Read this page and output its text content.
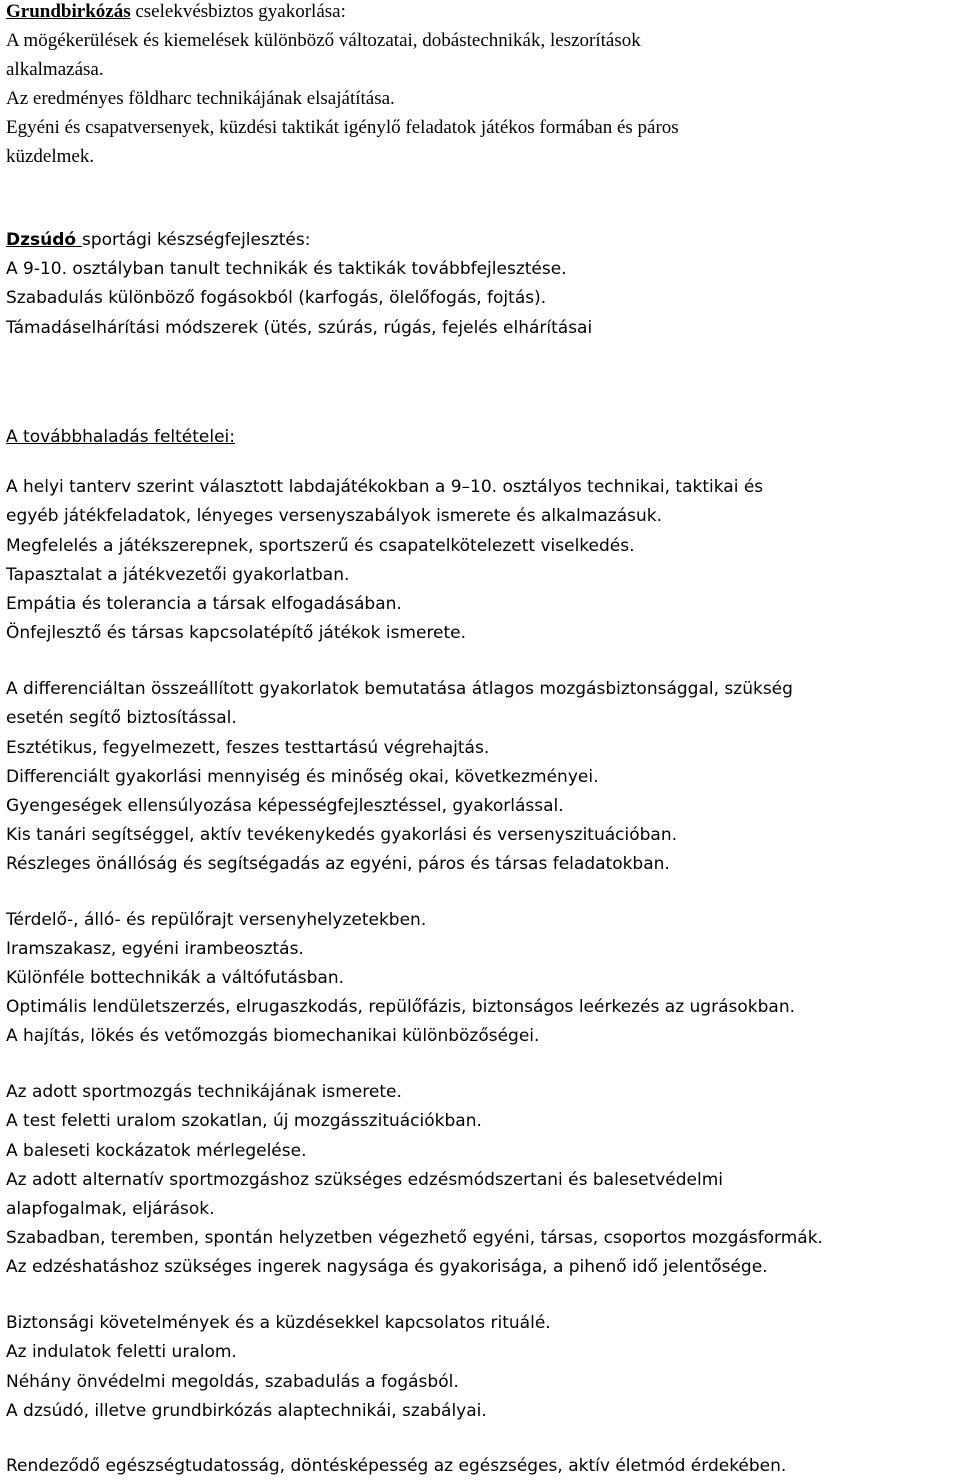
Grundbirkózás cselekvésbiztos gyakorlása:
A mögékerülések és kiemelések különböző változatai, dobástechnikák, leszorítások
alkalmazása.
Az eredményes földharc technikájának elsajátítása.
Egyéni és csapatversenyek, küzdési taktikát igénylő feladatok játékos formában és páros
küzdelmek.
Dzsúdó sportági készségfejlesztés:
A 9-10. osztályban tanult technikák és taktikák továbbfejlesztése.
Szabadulás különböző fogásokból (karfogás, ölelőfogás, fojtás).
Támadáselhárítási módszerek (ütés, szúrás, rúgás, fejelés elhárításai
A továbbhaladás feltételei:
A helyi tanterv szerint választott labdajátékokban a 9–10. osztályos technikai, taktikai és
egyéb játékfeladatok, lényeges versenyszabályok ismerete és alkalmazásuk.
Megfelelés a játékszerepnek, sportszerű és csapatelkötelezett viselkedés.
Tapasztalat a játékvezetői gyakorlatban.
Empátia és tolerancia a társak elfogadásában.
Önfejlesztő és társas kapcsolatépítő játékok ismerete.
A differenciáltan összeállított gyakorlatok bemutatása átlagos mozgásbiztonsággal, szükség
esetén segítő biztosítással.
Esztétikus, fegyelmezett, feszes testtartású végrehajtás.
Differenciált gyakorlási mennyiség és minőség okai, következményei.
Gyengeségek ellensúlyozása képességfejlesztéssel, gyakorlással.
Kis tanári segítséggel, aktív tevékenykedés gyakorlási és versenyszituációban.
Részleges önállóság és segítségadás az egyéni, páros és társas feladatokban.
Térdelő-, álló- és repülőrajt versenyhelyzetekben.
Iramszakasz, egyéni irambeosztás.
Különféle bottechnikák a váltófutásban.
Optimális lendületszerzés, elrugaszkodás, repülőfázis, biztonságos leérkezés az ugrásokban.
A hajítás, lökés és vetőmozgás biomechanikai különbözőségei.
Az adott sportmozgás technikájának ismerete.
A test feletti uralom szokatlan, új mozgásszituációkban.
A baleseti kockázatok mérlegelése.
Az adott alternatív sportmozgáshoz szükséges edzésmódszertani és balesetvédelmi
alapfogalmak, eljárások.
Szabadban, teremben, spontán helyzetben végezhető egyéni, társas, csoportos mozgásformák.
Az edzéshatáshoz szükséges ingerek nagysága és gyakorisága, a pihenő idő jelentősége.
Biztonsági követelmények és a küzdésekkel kapcsolatos rituálé.
Az indulatok feletti uralom.
Néhány önvédelmi megoldás, szabadulás a fogásból.
A dzsúdó, illetve grundbirkózás alaptechnikái, szabályai.
Rendeződő egészségtudatosság, döntésképesség az egészséges, aktív életmód érdekében.
